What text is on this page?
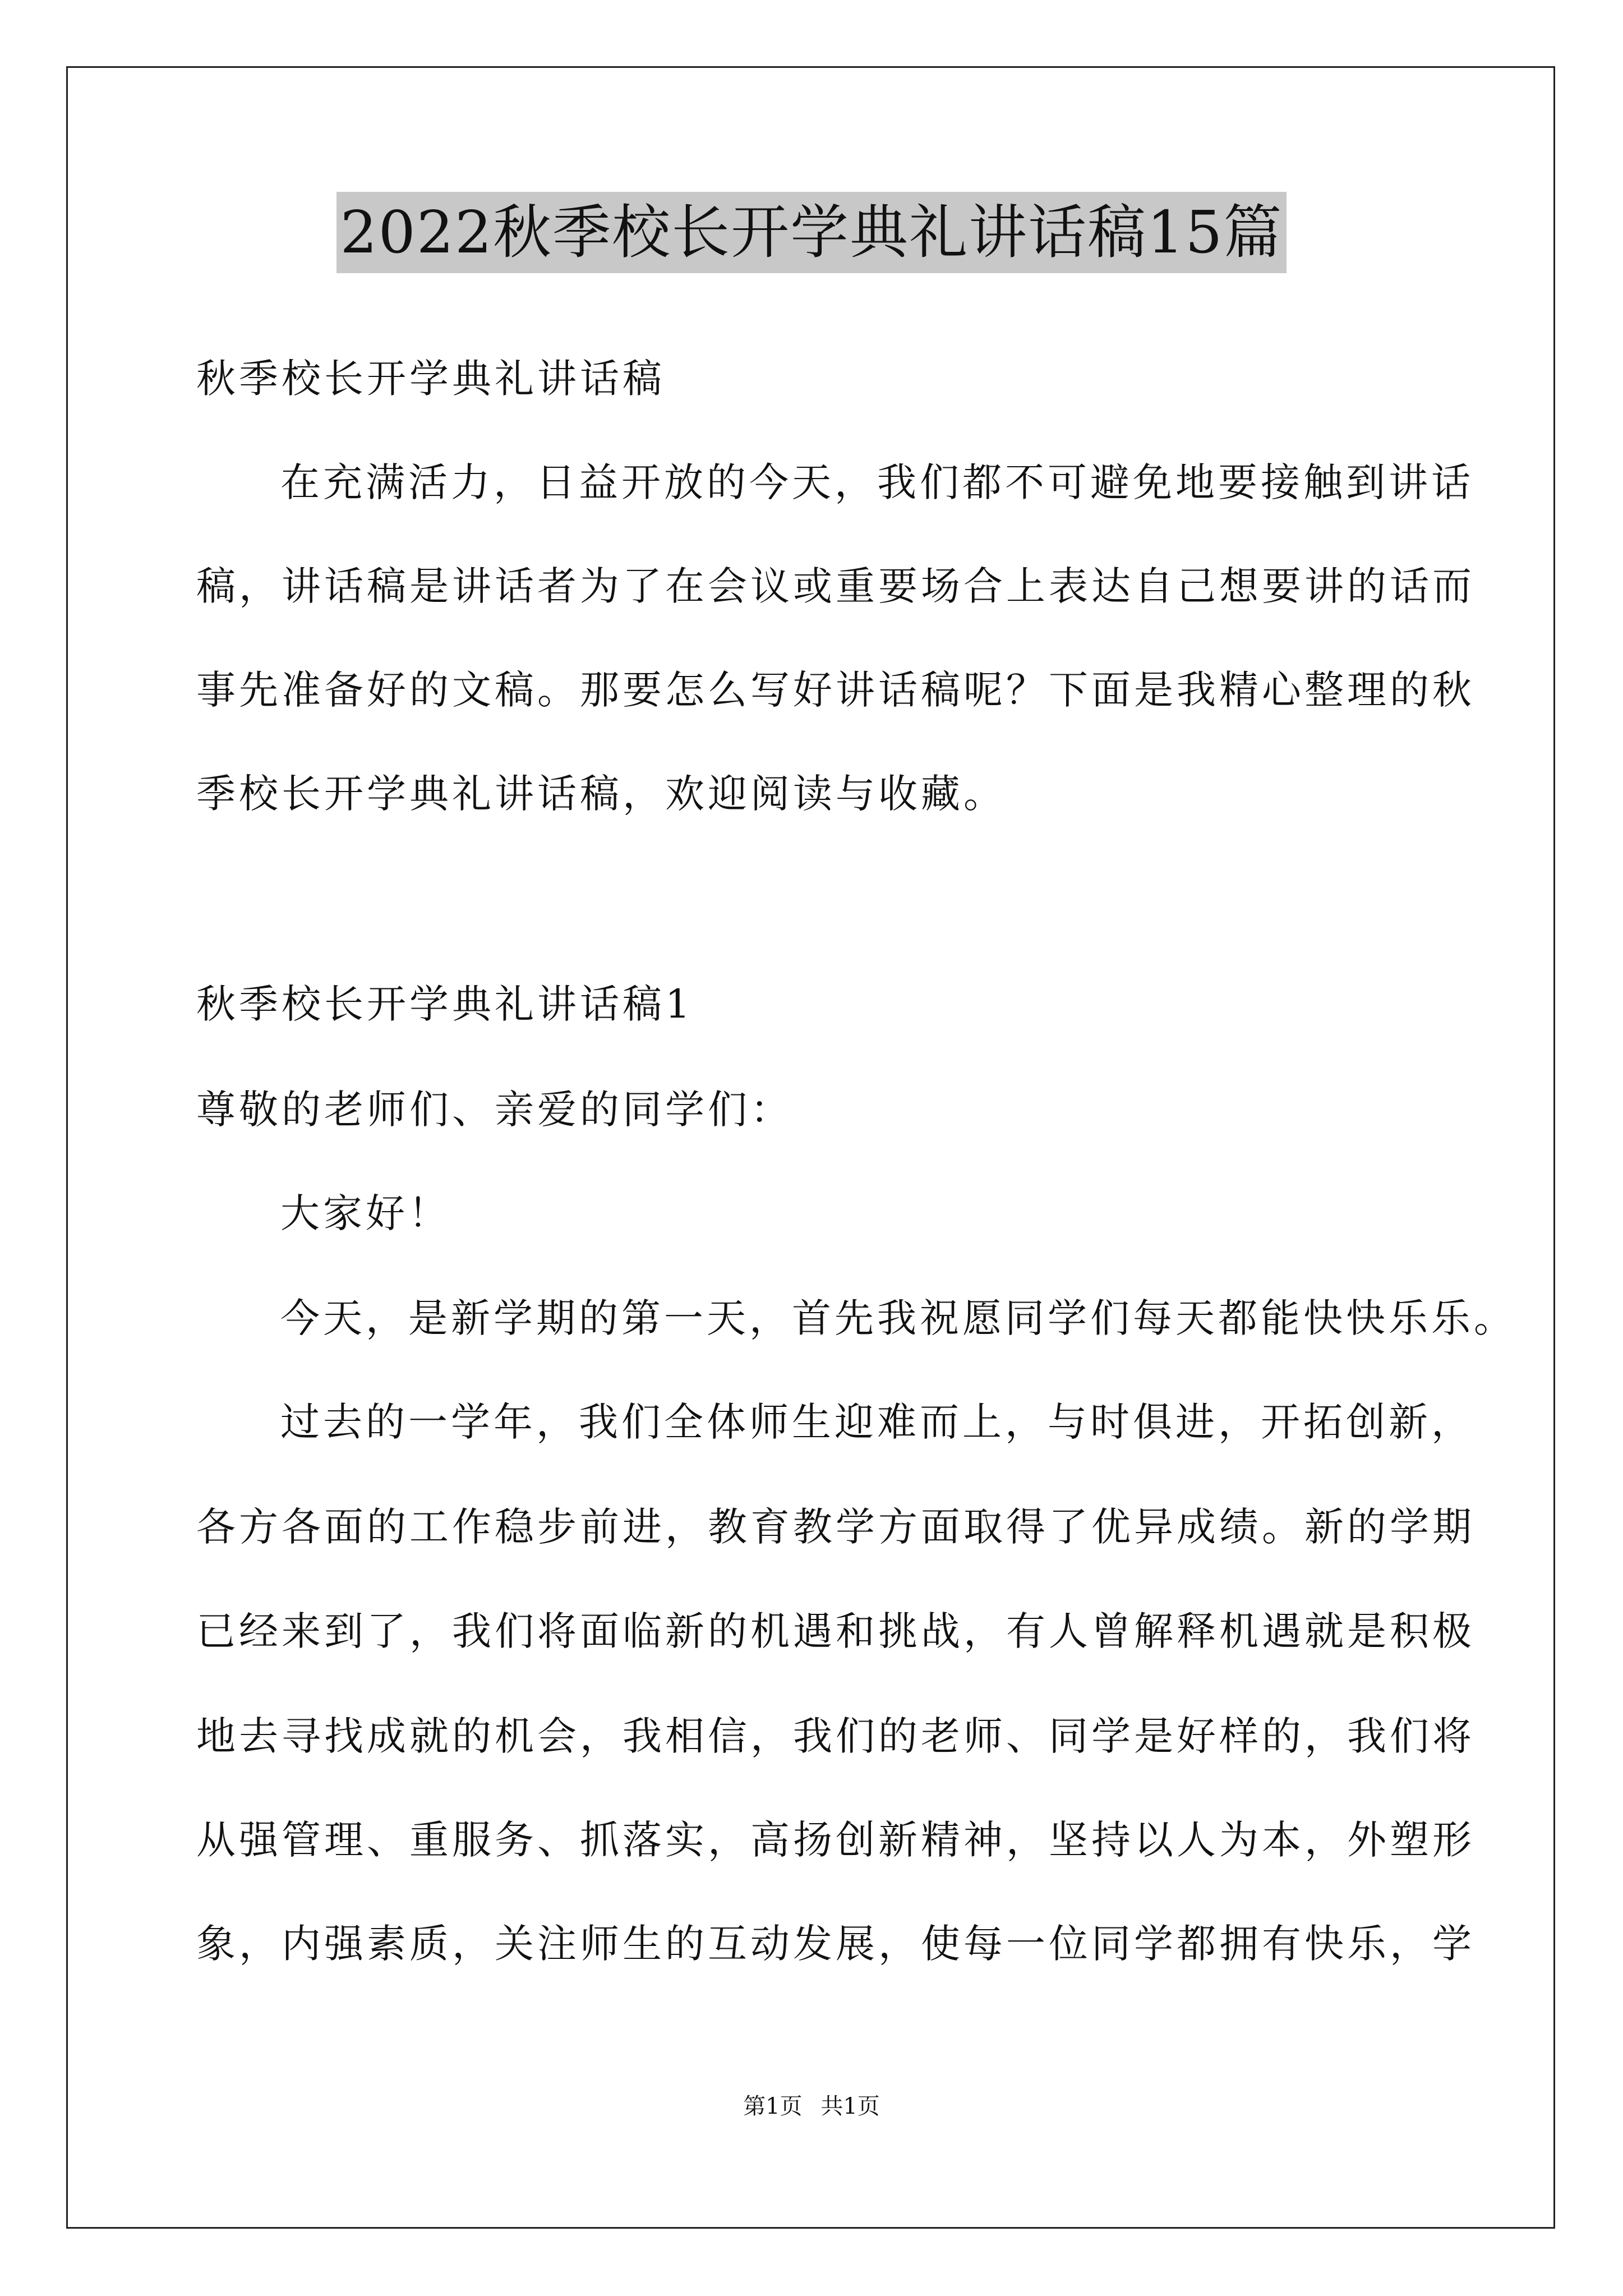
2022秋季校长开学典礼讲话稿15篇
秋季校长开学典礼讲话稿
在充满活力，日益开放的今天，我们都不可避免地要接触到讲话
稿，讲话稿是讲话者为了在会议或重要场合上表达自己想要讲的话而
事先准备好的文稿。那要怎么写好讲话稿呢？下面是我精心整理的秋
季校长开学典礼讲话稿，欢迎阅读与收藏。
秋季校长开学典礼讲话稿1
尊敬的老师们、亲爱的同学们：
大家好！
今天，是新学期的第一天，首先我祝愿同学们每天都能快快乐乐。
过去的一学年，我们全体师生迎难而上，与时俱进，开拓创新，
各方各面的工作稳步前进，教育教学方面取得了优异成绩。新的学期
已经来到了，我们将面临新的机遇和挑战，有人曾解释机遇就是积极
地去寻找成就的机会，我相信，我们的老师、同学是好样的，我们将
从强管理、重服务、抓落实，高扬创新精神，坚持以人为本，外塑形
象，内强素质，关注师生的互动发展，使每一位同学都拥有快乐，学
第1页 共1页
